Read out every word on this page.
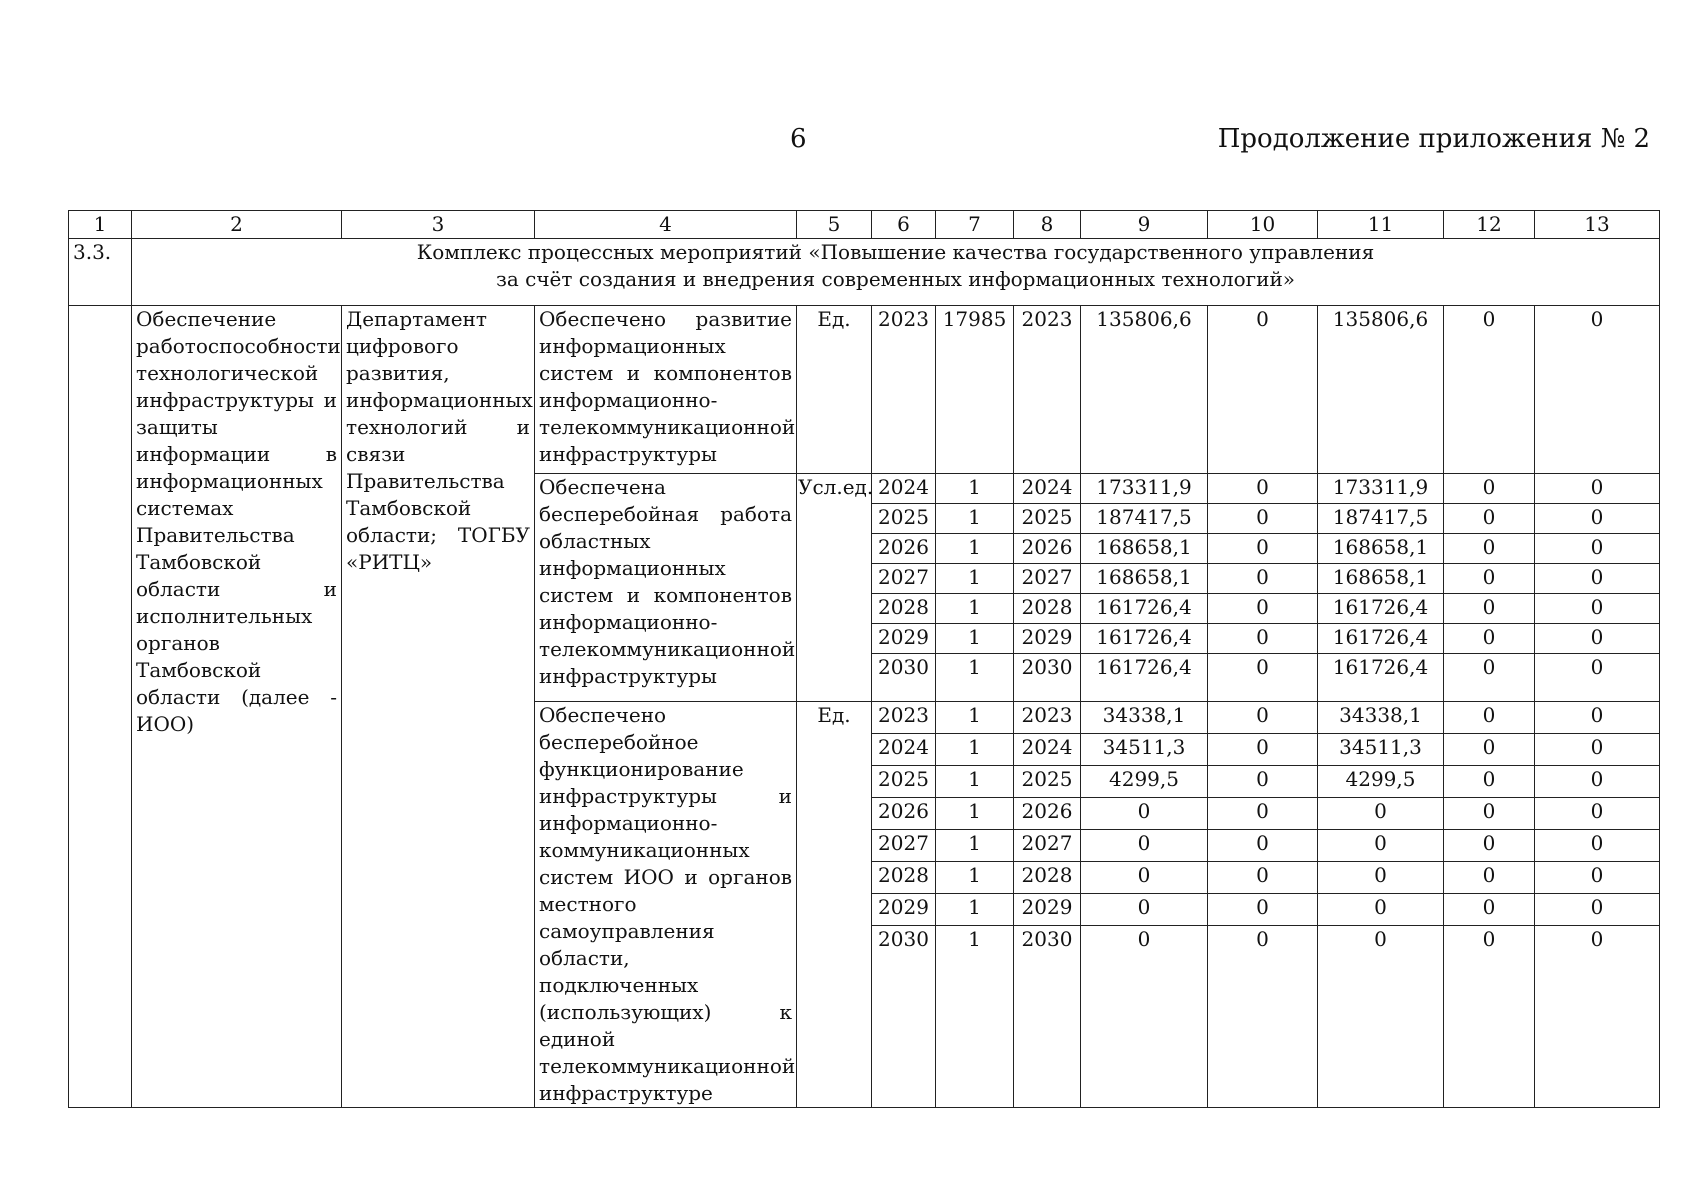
6	Продолжение приложения № 2
1	2	3	4	5	6	7	8	9	10	11	12	13
3.3.	Комплекс процессных мероприятий «Повышение качества государственного управления
за счёт создания и внедрения современных информационных технологий»											

	Обеспечение работоспособности технологической инфраструктуры и защиты информации в информационных системах Правительства Тамбовской области и исполнительных органов Тамбовской области (далее - ИОО)	Департамент цифрового развития, информационных технологий и связи Правительства Тамбовской области; ТОГБУ «РИТЦ»	Обеспечено развитие информационных систем и компонентов информационно-телекоммуникационной инфраструктуры	Ед.	2023	17985	2023	135806,6	0	135806,6	0	0
			Обеспечена бесперебойная работа областных информационных систем и компонентов информационно-телекоммуникационной инфраструктуры	Усл.ед.	2024	1	2024	173311,9	0	173311,9	0	0
					2025	1	2025	187417,5	0	187417,5	0	0
					2026	1	2026	168658,1	0	168658,1	0	0
					2027	1	2027	168658,1	0	168658,1	0	0
					2028	1	2028	161726,4	0	161726,4	0	0
					2029	1	2029	161726,4	0	161726,4	0	0
					2030	1	2030	161726,4	0	161726,4	0	0
			Обеспечено бесперебойное функционирование инфраструктуры и информационно-коммуникационных систем ИОО и органов местного самоуправления области, подключенных (использующих) к единой телекоммуникационной инфраструктуре	Ед.	2023	1	2023	34338,1	0	34338,1	0	0
					2024	1	2024	34511,3	0	34511,3	0	0
					2025	1	2025	4299,5	0	4299,5	0	0
					2026	1	2026	0	0	0	0	0
					2027	1	2027	0	0	0	0	0
					2028	1	2028	0	0	0	0	0
					2029	1	2029	0	0	0	0	0
					2030	1	2030	0	0	0	0	0
